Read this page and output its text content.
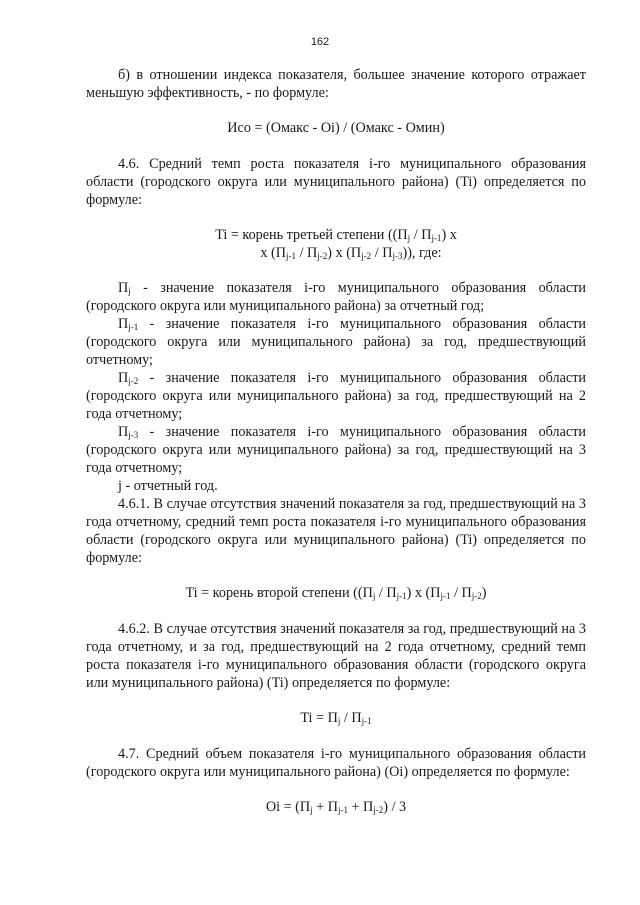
162

б) в отношении индекса показателя, большее значение которого отражает меньшую эффективность, - по формуле:

Исо = (Омакс - Оi) / (Омакс - Омин)

4.6. Средний темп роста показателя i-го муниципального образования области (городского округа или муниципального района) (Ti) определяется по формуле:

Ti = корень третьей степени ($(П_j / П_{j-1})$ x
x $(П_{j-1} / П_{j-2})$ x $(П_{j-2} / П_{j-3})$), где:

$П_j$ - значение показателя i-го муниципального образования области (городского округа или муниципального района) за отчетный год;

$П_{j-1}$ - значение показателя i-го муниципального образования области (городского округа или муниципального района) за год, предшествующий отчетному;

$П_{j-2}$ - значение показателя i-го муниципального образования области (городского округа или муниципального района) за год, предшествующий на 2 года отчетному;

$П_{j-3}$ - значение показателя i-го муниципального образования области (городского округа или муниципального района) за год, предшествующий на 3 года отчетному;

j - отчетный год.

4.6.1. В случае отсутствия значений показателя за год, предшествующий на 3 года отчетному, средний темп роста показателя i-го муниципального образования области (городского округа или муниципального района) (Ti) определяется по формуле:

Ti = корень второй степени ($(П_j / П_{j-1})$ x $(П_{j-1} / П_{j-2})$

4.6.2. В случае отсутствия значений показателя за год, предшествующий на 3 года отчетному, и за год, предшествующий на 2 года отчетному, средний темп роста показателя i-го муниципального образования области (городского округа или муниципального района) (Ti) определяется по формуле:

$Ti = П_j / П_{j-1}$

4.7. Средний объем показателя i-го муниципального образования области (городского округа или муниципального района) (Оi) определяется по формуле:

Оi = $(П_j + П_{j-1} + П_{j-2}) / 3$
